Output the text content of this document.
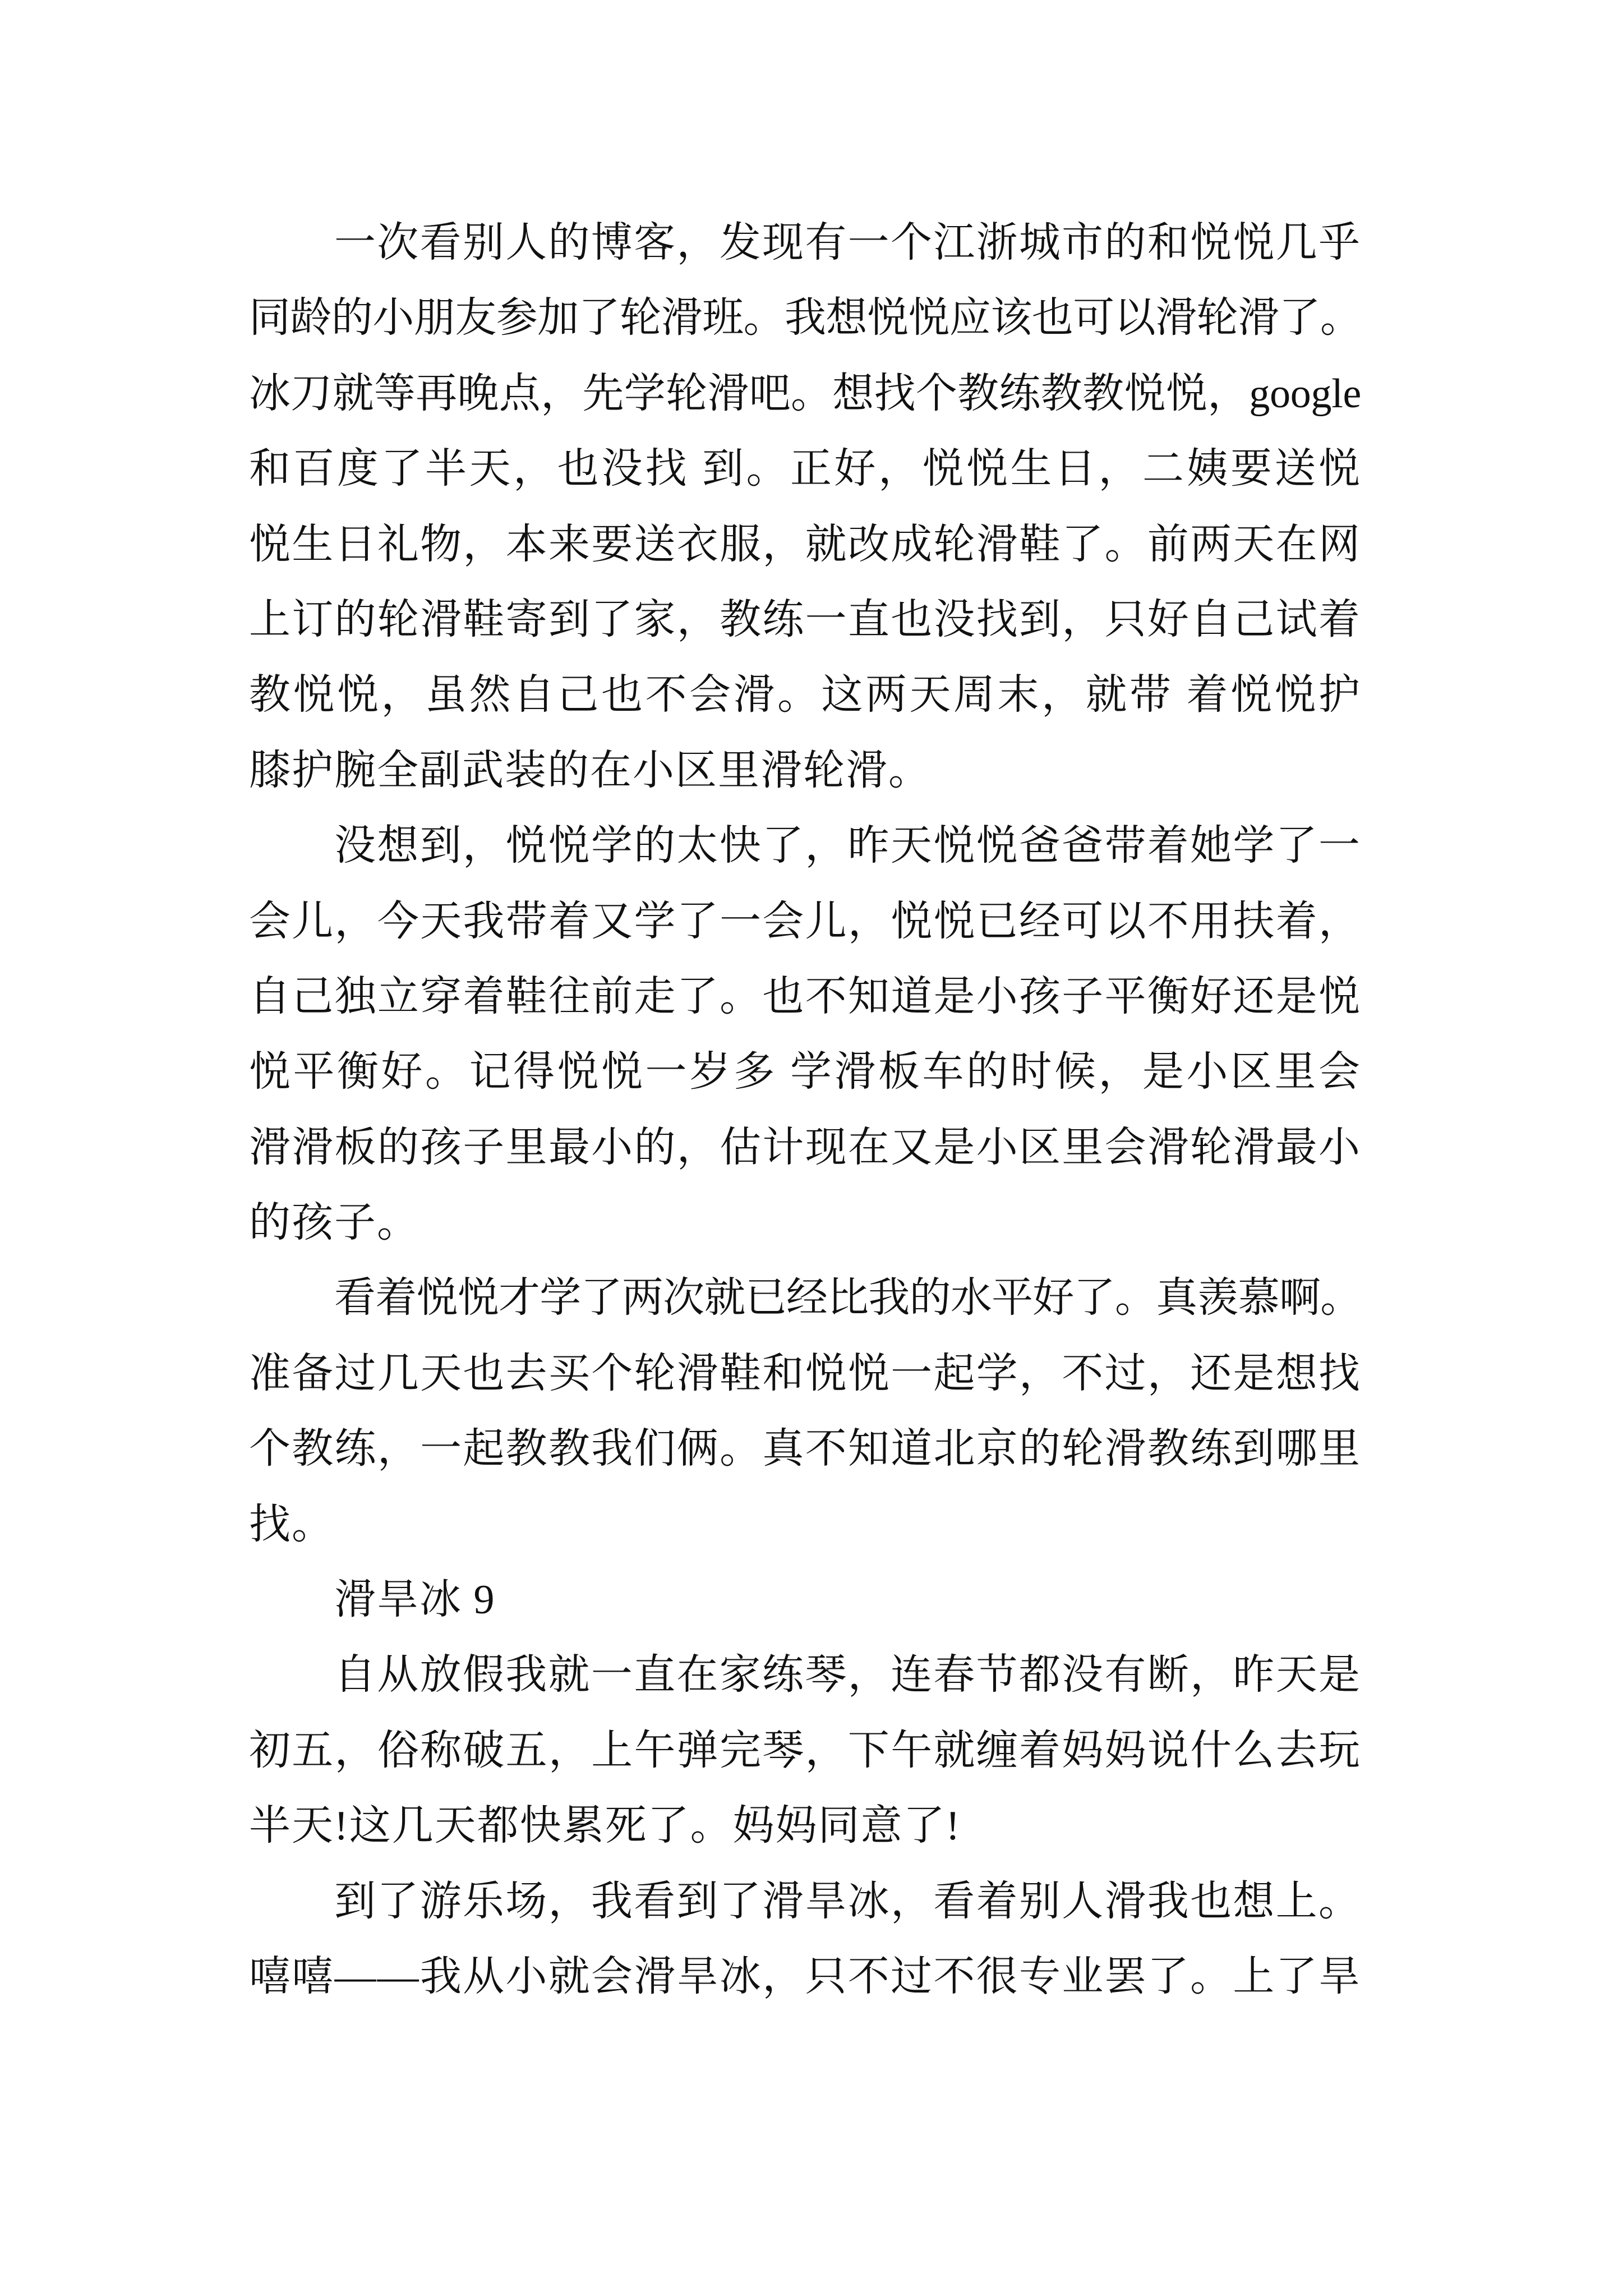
一次看别人的博客，发现有一个江浙城市的和悦悦几乎
同龄的小朋友参加了轮滑班。我想悦悦应该也可以滑轮滑了。
冰刀就等再晚点，先学轮滑吧。想找个教练教教悦悦，google
和百度了半天，也没找 到。正好，悦悦生日，二姨要送悦
悦生日礼物，本来要送衣服，就改成轮滑鞋了。前两天在网
上订的轮滑鞋寄到了家，教练一直也没找到，只好自己试着
教悦悦，虽然自己也不会滑。这两天周末，就带 着悦悦护
膝护腕全副武装的在小区里滑轮滑。
没想到，悦悦学的太快了，昨天悦悦爸爸带着她学了一
会儿，今天我带着又学了一会儿，悦悦已经可以不用扶着，
自己独立穿着鞋往前走了。也不知道是小孩子平衡好还是悦
悦平衡好。记得悦悦一岁多 学滑板车的时候，是小区里会
滑滑板的孩子里最小的，估计现在又是小区里会滑轮滑最小
的孩子。
看着悦悦才学了两次就已经比我的水平好了。真羡慕啊。
准备过几天也去买个轮滑鞋和悦悦一起学，不过，还是想找
个教练，一起教教我们俩。真不知道北京的轮滑教练到哪里
找。
滑旱冰 9
自从放假我就一直在家练琴，连春节都没有断，昨天是
初五，俗称破五，上午弹完琴，下午就缠着妈妈说什么去玩
半天!这几天都快累死了。妈妈同意了!
到了游乐场，我看到了滑旱冰，看着别人滑我也想上。
嘻嘻——我从小就会滑旱冰，只不过不很专业罢了。上了旱
